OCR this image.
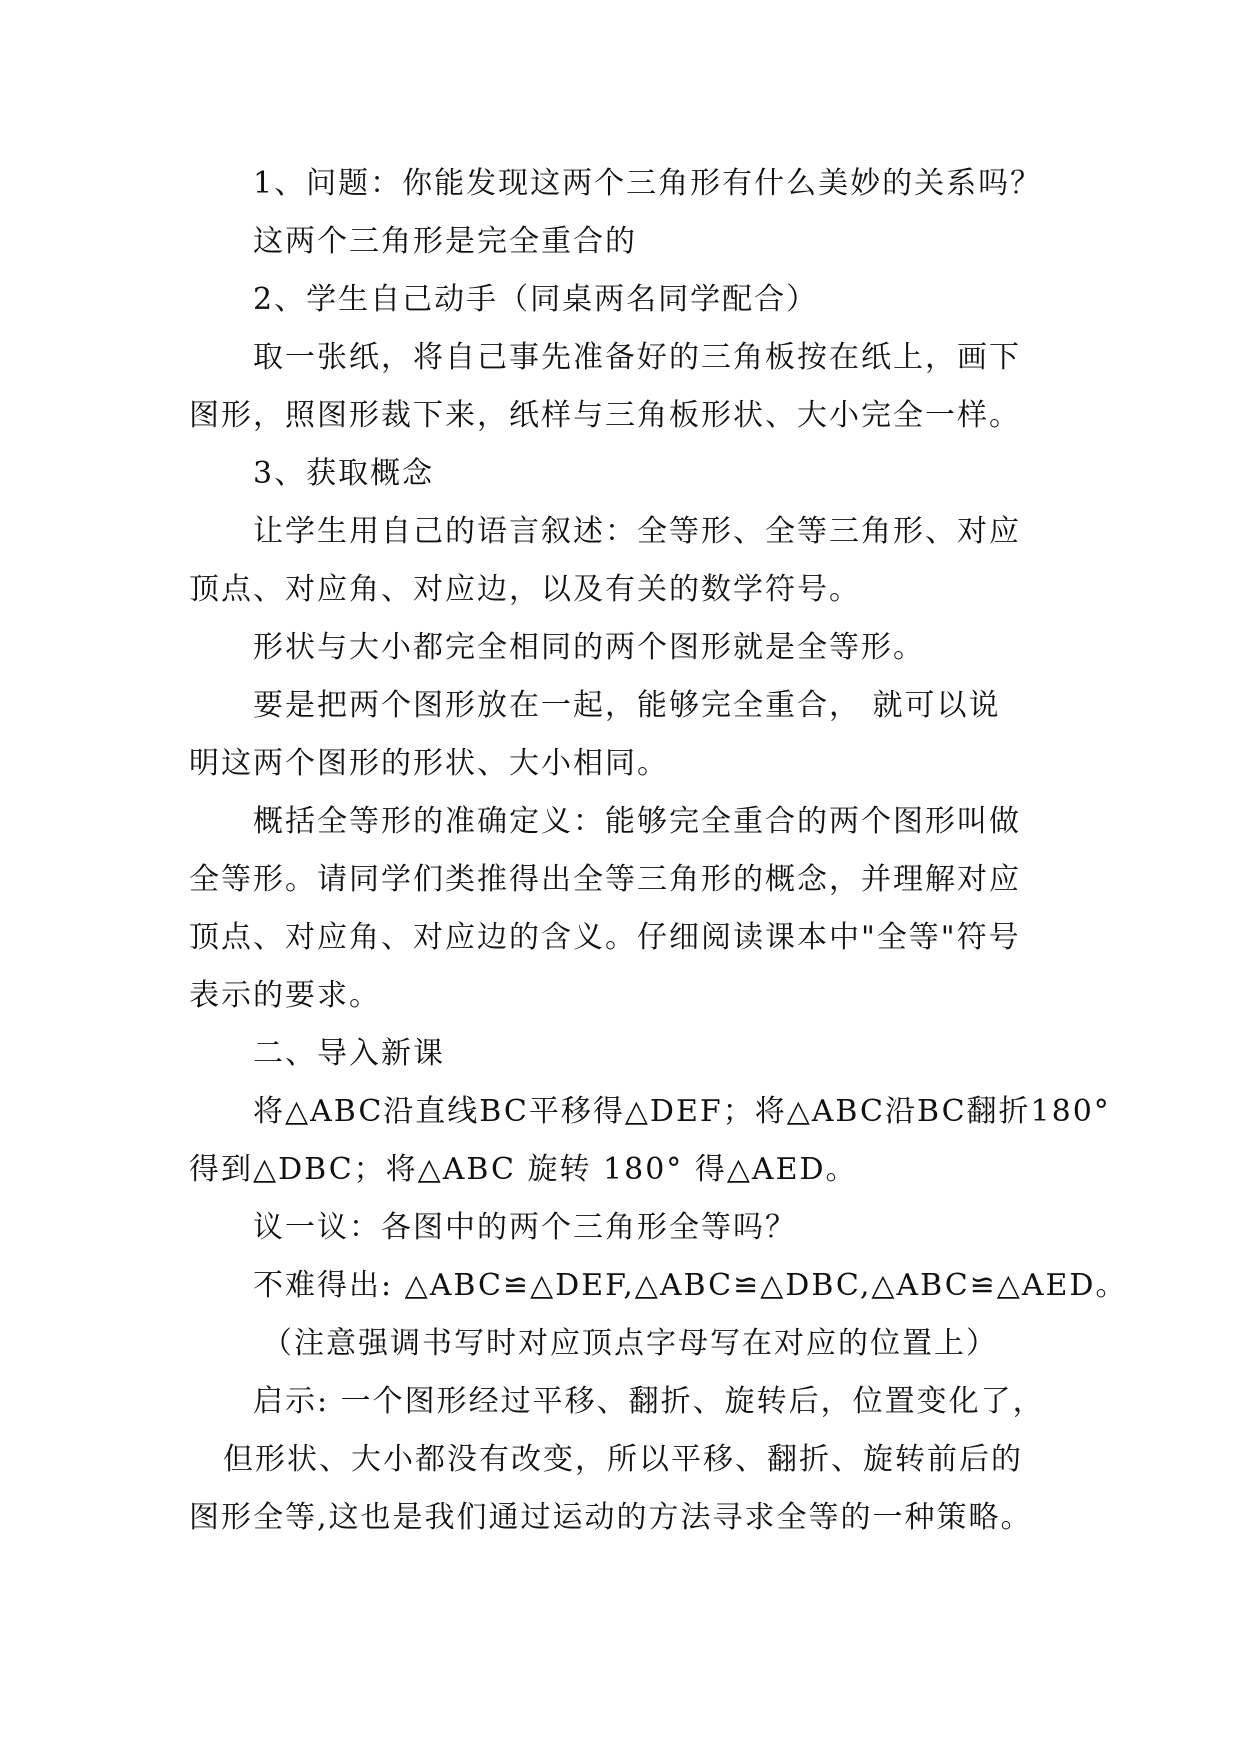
1、问题：你能发现这两个三角形有什么美妙的关系吗？
这两个三角形是完全重合的
2、学生自己动手（同桌两名同学配合）
取一张纸，将自己事先准备好的三角板按在纸上，画下
图形，照图形裁下来，纸样与三角板形状、大小完全一样。
3、获取概念
让学生用自己的语言叙述：全等形、全等三角形、对应
顶点、对应角、对应边，以及有关的数学符号。
形状与大小都完全相同的两个图形就是全等形。
要是把两个图形放在一起，能够完全重合， 就可以说
明这两个图形的形状、大小相同。
概括全等形的准确定义：能够完全重合的两个图形叫做
全等形。请同学们类推得出全等三角形的概念，并理解对应
顶点、对应角、对应边的含义。仔细阅读课本中"全等"符号
表示的要求。
二、导入新课
将△ABC沿直线BC平移得△DEF；将△ABC沿BC翻折180°
得到△DBC；将△ABC 旋转 180° 得△AED。
议一议：各图中的两个三角形全等吗？
不难得出: △ABC≌△DEF,△ABC≌△DBC,△ABC≌△AED。
（注意强调书写时对应顶点字母写在对应的位置上）
启示: 一个图形经过平移、翻折、旋转后，位置变化了，
但形状、大小都没有改变，所以平移、翻折、旋转前后的
图形全等,这也是我们通过运动的方法寻求全等的一种策略。
